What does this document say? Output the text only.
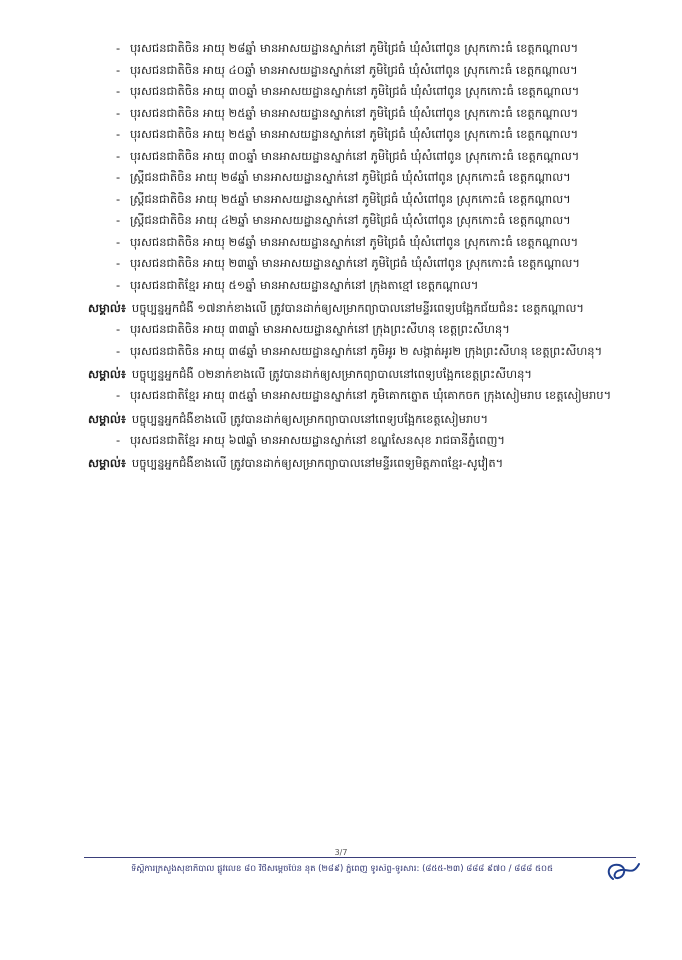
- បុរសជនជាតិចិន អាយុ ២៨ឆ្នាំ មានអាសយដ្ឋានស្នាក់នៅ ភូមិជ្រៃធំ ឃុំសំពៅពូន ស្រុកកោះធំ ខេត្តកណ្តាល។
- បុរសជនជាតិចិន អាយុ ៤០ឆ្នាំ មានអាសយដ្ឋានស្នាក់នៅ ភូមិជ្រៃធំ ឃុំសំពៅពូន ស្រុកកោះធំ ខេត្តកណ្តាល។
- បុរសជនជាតិចិន អាយុ ៣០ឆ្នាំ មានអាសយដ្ឋានស្នាក់នៅ ភូមិជ្រៃធំ ឃុំសំពៅពូន ស្រុកកោះធំ ខេត្តកណ្តាល។
- បុរសជនជាតិចិន អាយុ ២៥ឆ្នាំ មានអាសយដ្ឋានស្នាក់នៅ ភូមិជ្រៃធំ ឃុំសំពៅពូន ស្រុកកោះធំ ខេត្តកណ្តាល។
- បុរសជនជាតិចិន អាយុ ២៥ឆ្នាំ មានអាសយដ្ឋានស្នាក់នៅ ភូមិជ្រៃធំ ឃុំសំពៅពូន ស្រុកកោះធំ ខេត្តកណ្តាល។
- បុរសជនជាតិចិន អាយុ ៣០ឆ្នាំ មានអាសយដ្ឋានស្នាក់នៅ ភូមិជ្រៃធំ ឃុំសំពៅពូន ស្រុកកោះធំ ខេត្តកណ្តាល។
- ស្ត្រីជនជាតិចិន អាយុ ២៨ឆ្នាំ មានអាសយដ្ឋានស្នាក់នៅ ភូមិជ្រៃធំ ឃុំសំពៅពូន ស្រុកកោះធំ ខេត្តកណ្តាល។
- ស្ត្រីជនជាតិចិន អាយុ ២៥ឆ្នាំ មានអាសយដ្ឋានស្នាក់នៅ ភូមិជ្រៃធំ ឃុំសំពៅពូន ស្រុកកោះធំ ខេត្តកណ្តាល។
- ស្ត្រីជនជាតិចិន អាយុ ៤២ឆ្នាំ មានអាសយដ្ឋានស្នាក់នៅ ភូមិជ្រៃធំ ឃុំសំពៅពូន ស្រុកកោះធំ ខេត្តកណ្តាល។
- បុរសជនជាតិចិន អាយុ ២៨ឆ្នាំ មានអាសយដ្ឋានស្នាក់នៅ ភូមិជ្រៃធំ ឃុំសំពៅពូន ស្រុកកោះធំ ខេត្តកណ្តាល។
- បុរសជនជាតិចិន អាយុ ២៣ឆ្នាំ មានអាសយដ្ឋានស្នាក់នៅ ភូមិជ្រៃធំ ឃុំសំពៅពូន ស្រុកកោះធំ ខេត្តកណ្តាល។
- បុរសជនជាតិខ្មែរ អាយុ ៥១ឆ្នាំ មានអាសយដ្ឋានស្នាក់នៅ ក្រុងតាខ្មៅ ខេត្តកណ្តាល។
សម្គាល់៖ បច្ចុប្បន្នអ្នកជំងឺ ១៧នាក់ខាងលើ ត្រូវបានដាក់ឲ្យសម្រាកព្យាបាលនៅមន្ទីរពេទ្យបង្អែកជ័យជំនះ ខេត្តកណ្តាល។
- បុរសជនជាតិចិន អាយុ ៣៣ឆ្នាំ មានអាសយដ្ឋានស្នាក់នៅ ក្រុងព្រះសីហនុ ខេត្តព្រះសីហនុ។
- បុរសជនជាតិចិន អាយុ ៣៨ឆ្នាំ មានអាសយដ្ឋានស្នាក់នៅ ភូមិអូរ ២ សង្កាត់អូរ២ ក្រុងព្រះសីហនុ ខេត្តព្រះសីហនុ។
សម្គាល់៖ បច្ចុប្បន្នអ្នកជំងឺ ០២នាក់ខាងលើ ត្រូវបានដាក់ឲ្យសម្រាកព្យាបាលនៅពេទ្យបង្អែកខេត្តព្រះសីហនុ។
- បុរសជនជាតិខ្មែរ អាយុ ៣៥ឆ្នាំ មានអាសយដ្ឋានស្នាក់នៅ ភូមិគោកត្នោត ឃុំគោកចក ក្រុងសៀមរាប ខេត្តសៀមរាប។
សម្គាល់៖ បច្ចុប្បន្នអ្នកជំងឺខាងលើ ត្រូវបានដាក់ឲ្យសម្រាកព្យាបាលនៅពេទ្យបង្អែកខេត្តសៀមរាប។
- បុរសជនជាតិខ្មែរ អាយុ ៦៧ឆ្នាំ មានអាសយដ្ឋានស្នាក់នៅ ខណ្ឌសែនសុខ រាជធានីភ្នំពេញ។
សម្គាល់៖ បច្ចុប្បន្នអ្នកជំងឺខាងលើ ត្រូវបានដាក់ឲ្យសម្រាកព្យាបាលនៅមន្ទីរពេទ្យមិត្តភាពខ្មែរ-សូវៀត។
3/7
ទីស្តីការក្រសួងសុខាភិបាល ផ្លូវលេខ ៨០ វិថីសម្តេចប៉ែន នុត (២៨៩) ភ្នំពេញ ទូរស័ព្ទ-ទូរសារ: (៨៥៥-២៣) ៨៨៨ ៩៧០ / ៨៨៨ ៥០៥
